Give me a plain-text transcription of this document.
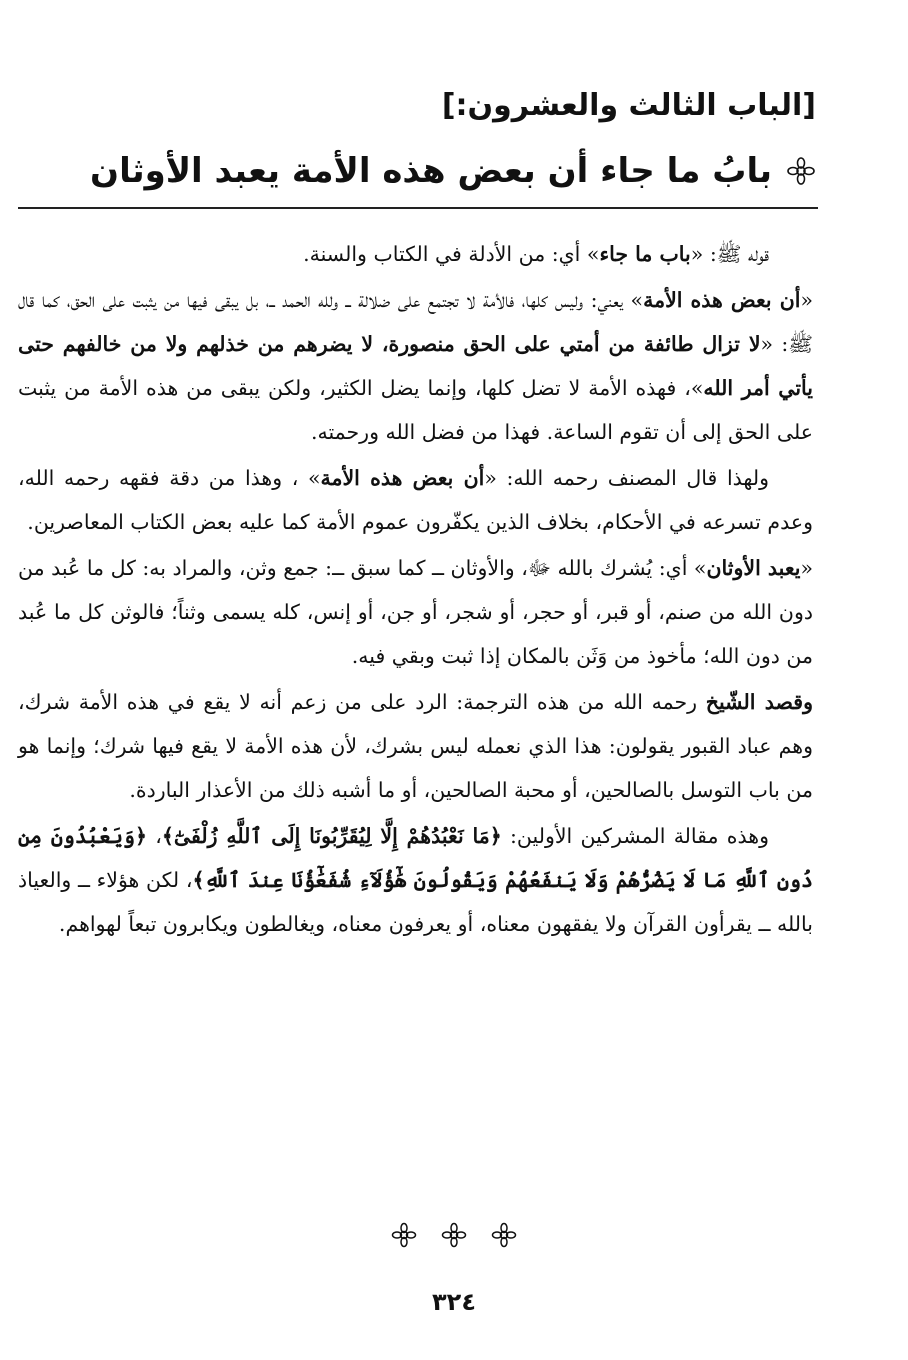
[الباب الثالث والعشرون:]
بابُ ما جاء أن بعض هذه الأمة يعبد الأوثان

قوله ﷺ: «باب ما جاء» أي: من الأدلة في الكتاب والسنة.

«أن بعض هذه الأمة» يعني: وليس كلها، فالأمة لا تجتمع على ضلالة ــ ولله الحمد ــ، بل يبقى فيها من يثبت على الحق، كما قال ﷺ: «لا تزال طائفة من أمتي على الحق منصورة، لا يضرهم من خذلهم ولا من خالفهم حتى يأتي أمر الله»، فهذه الأمة لا تضل كلها، وإنما يضل الكثير، ولكن يبقى من هذه الأمة من يثبت على الحق إلى أن تقوم الساعة. فهذا من فضل الله ورحمته.

ولهذا قال المصنف رحمه الله: «أن بعض هذه الأمة» ، وهذا من دقة فقهه رحمه الله، وعدم تسرعه في الأحكام، بخلاف الذين يكفّرون عموم الأمة كما عليه بعض الكتاب المعاصرين.

«يعبد الأوثان» أي: يُشرك بالله ﷻ، والأوثان ــ كما سبق ــ: جمع وثن، والمراد به: كل ما عُبد من دون الله من صنم، أو قبر، أو حجر، أو شجر، أو جن، أو إنس، كله يسمى وثناً؛ فالوثن كل ما عُبد من دون الله؛ مأخوذ من وَثَن بالمكان إذا ثبت وبقي فيه.

وقصد الشّيخ رحمه الله من هذه الترجمة: الرد على من زعم أنه لا يقع في هذه الأمة شرك، وهم عباد القبور يقولون: هذا الذي نعمله ليس بشرك، لأن هذه الأمة لا يقع فيها شرك؛ وإنما هو من باب التوسل بالصالحين، أو محبة الصالحين، أو ما أشبه ذلك من الأعذار الباردة.

وهذه مقالة المشركين الأولين: ﴿مَا نَعْبُدُهُمْ إِلَّا لِيُقَرِّبُونَا إِلَى ٱللَّهِ زُلْفَىٰٓ﴾، ﴿وَيَعْبُدُونَ مِن دُونِ ٱللَّهِ مَا لَا يَضُرُّهُمْ وَلَا يَنفَعُهُمْ وَيَقُولُونَ هَٰٓؤُلَآءِ شُفَعَٰٓؤُنَا عِندَ ٱللَّهِ﴾، لكن هؤلاء ــ والعياذ بالله ــ يقرأون القرآن ولا يفقهون معناه، أو يعرفون معناه، ويغالطون ويكابرون تبعاً لهواهم.

٣٢٤
